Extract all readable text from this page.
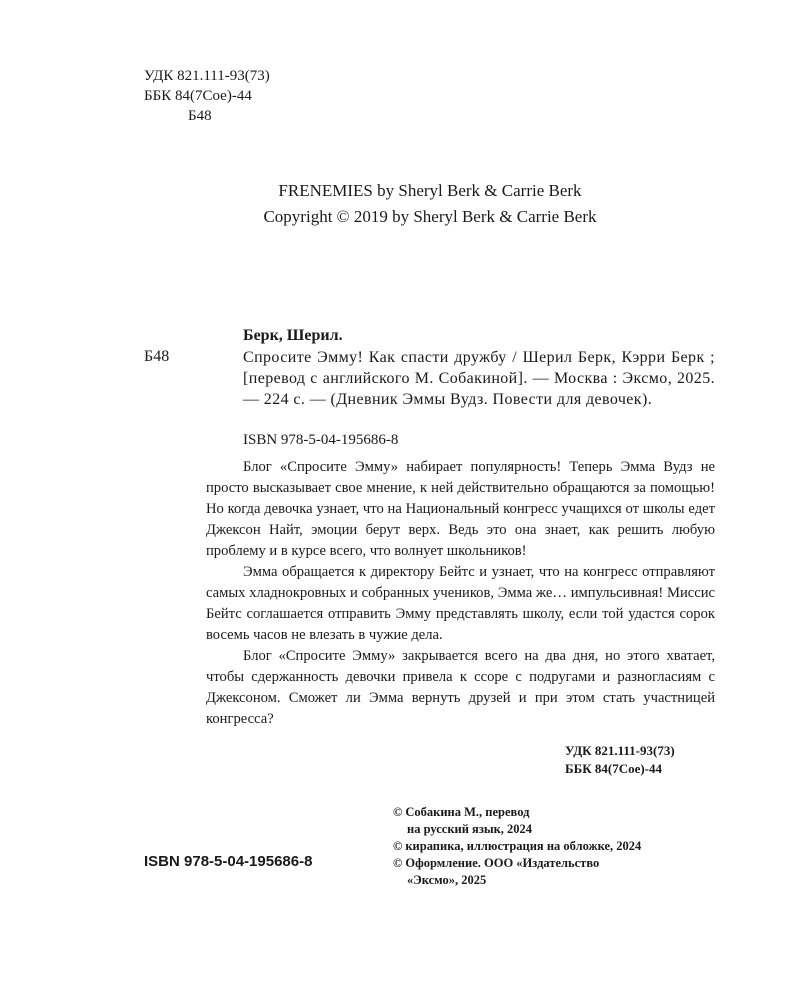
УДК 821.111-93(73)
ББК 84(7Сое)-44
Б48
FRENEMIES by Sheryl Berk & Carrie Berk
Copyright © 2019 by Sheryl Berk & Carrie Berk
Берк, Шерил.
Б48	Спросите Эмму! Как спасти дружбу / Шерил Берк, Кэрри Берк ; [перевод с английского М. Собакиной]. — Москва : Эксмо, 2025. — 224 с. — (Дневник Эммы Вудз. Повести для девочек).
ISBN 978-5-04-195686-8

Блог «Спросите Эмму» набирает популярность! Теперь Эмма Вудз не просто высказывает свое мнение, к ней действительно обращаются за помощью! Но когда девочка узнает, что на Национальный конгресс учащихся от школы едет Джексон Найт, эмоции берут верх. Ведь это она знает, как решить любую проблему и в курсе всего, что волнует школьников!

Эмма обращается к директору Бейтс и узнает, что на конгресс отправляют самых хладнокровных и собранных учеников, Эмма же… импульсивная! Миссис Бейтс соглашается отправить Эмму представлять школу, если той удастся сорок восемь часов не влезать в чужие дела.

Блог «Спросите Эмму» закрывается всего на два дня, но этого хватает, чтобы сдержанность девочки привела к ссоре с подругами и разногласиям с Джексоном. Сможет ли Эмма вернуть друзей и при этом стать участницей конгресса?

УДК 821.111-93(73)
ББК 84(7Сое)-44
© Собакина М., перевод
на русский язык, 2024
© кирапика, иллюстрация на обложке, 2024
© Оформление. ООО «Издательство
«Эксмо», 2025
ISBN 978-5-04-195686-8
